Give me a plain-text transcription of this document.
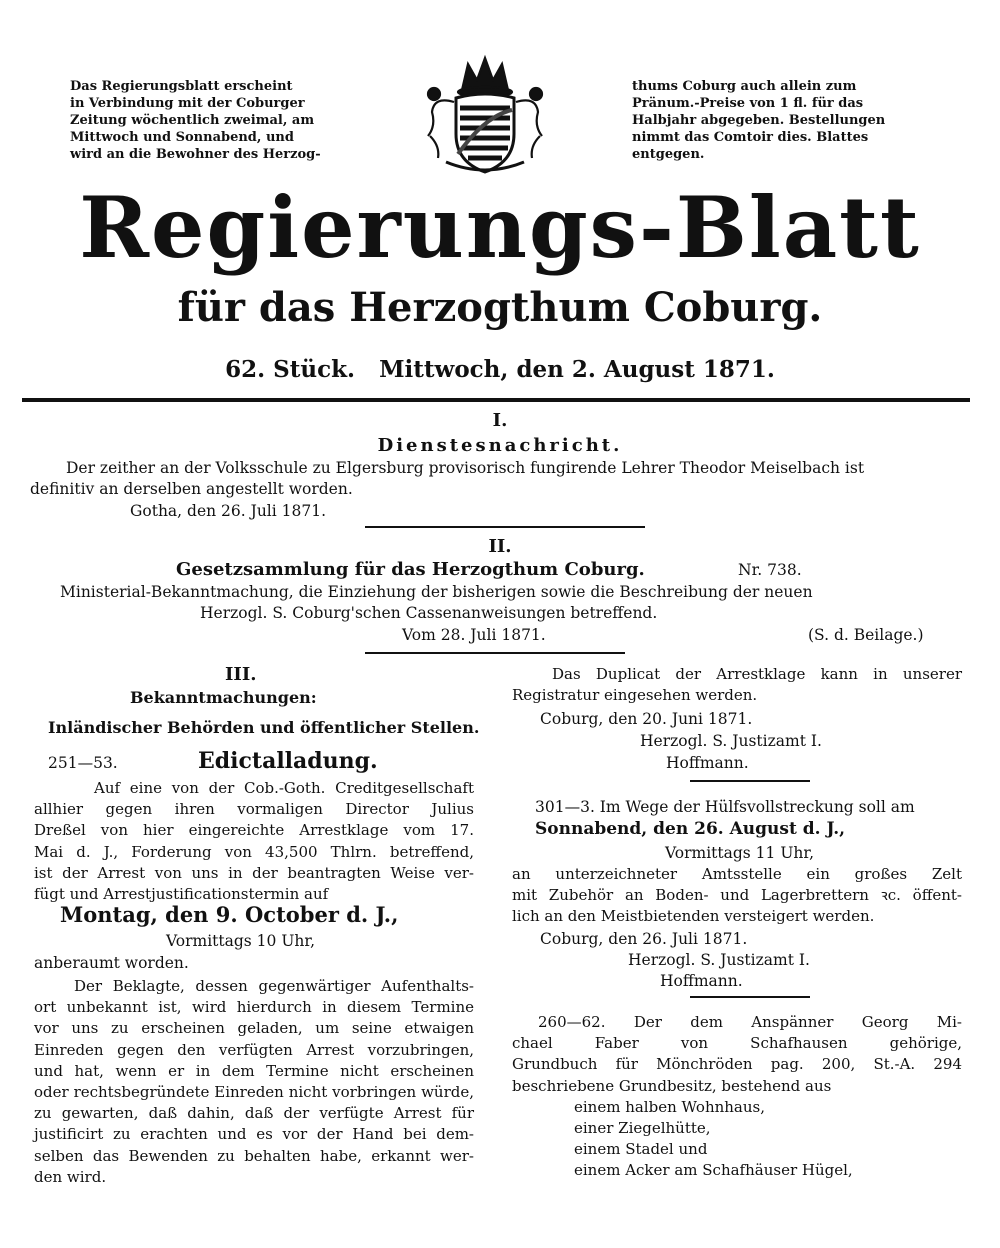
Das Regierungsblatt erscheint
in Verbindung mit der Coburger
Zeitung wöchentlich zweimal, am
Mittwoch und Sonnabend, und
wird an die Bewohner des Herzog-
thums Coburg auch allein zum
Pränum.-Preise von 1 fl. für das
Halbjahr abgegeben. Bestellungen
nimmt das Comtoir dies. Blattes
entgegen.
Regierungs-Blatt
für das Herzogthum Coburg.
62. Stück. Mittwoch, den 2. August 1871.
I.
Dienstesnachricht.
Der zeither an der Volksschule zu Elgersburg provisorisch fungirende Lehrer Theodor Meiselbach ist
definitiv an derselben angestellt worden.
Gotha, den 26. Juli 1871.
II.
Gesetzsammlung für das Herzogthum Coburg.	Nr. 738.
Ministerial-Bekanntmachung, die Einziehung der bisherigen sowie die Beschreibung der neuen
Herzogl. S. Coburg'schen Cassenanweisungen betreffend.
Vom 28. Juli 1871.	(S. d. Beilage.)
III.
Bekanntmachungen:
Inländischer Behörden und öffentlicher Stellen.
251—53.	Edictalladung.
Auf eine von der Cob.-Goth. Creditgesellschaft
allhier gegen ihren vormaligen Director Julius
Dreßel von hier eingereichte Arrestklage vom 17.
Mai d. J., Forderung von 43,500 Thlrn. betreffend,
ist der Arrest von uns in der beantragten Weise ver-
fügt und Arrestjustificationstermin auf
Montag, den 9. October d. J.,
Vormittags 10 Uhr,
anberaumt worden.
Der Beklagte, dessen gegenwärtiger Aufenthalts-
ort unbekannt ist, wird hierdurch in diesem Termine
vor uns zu erscheinen geladen, um seine etwaigen
Einreden gegen den verfügten Arrest vorzubringen,
und hat, wenn er in dem Termine nicht erscheinen
oder rechtsbegründete Einreden nicht vorbringen würde,
zu gewarten, daß dahin, daß der verfügte Arrest für
justificirt zu erachten und es vor der Hand bei dem-
selben das Bewenden zu behalten habe, erkannt wer-
den wird.
Das Duplicat der Arrestklage kann in unserer
Registratur eingesehen werden.
Coburg, den 20. Juni 1871.
Herzogl. S. Justizamt I.
Hoffmann.
301—3. Im Wege der Hülfsvollstreckung soll am
Sonnabend, den 26. August d. J.,
Vormittags 11 Uhr,
an unterzeichneter Amtsstelle ein großes Zelt
mit Zubehör an Boden- und Lagerbrettern ꝛc. öffent-
lich an den Meistbietenden versteigert werden.
Coburg, den 26. Juli 1871.
Herzogl. S. Justizamt I.
Hoffmann.
260—62. Der dem Anspänner Georg Mi-
chael Faber von Schafhausen gehörige,
Grundbuch für Mönchröden pag. 200, St.-A. 294
beschriebene Grundbesitz, bestehend aus
einem halben Wohnhaus,
einer Ziegelhütte,
einem Stadel und
einem Acker am Schafhäuser Hügel,
